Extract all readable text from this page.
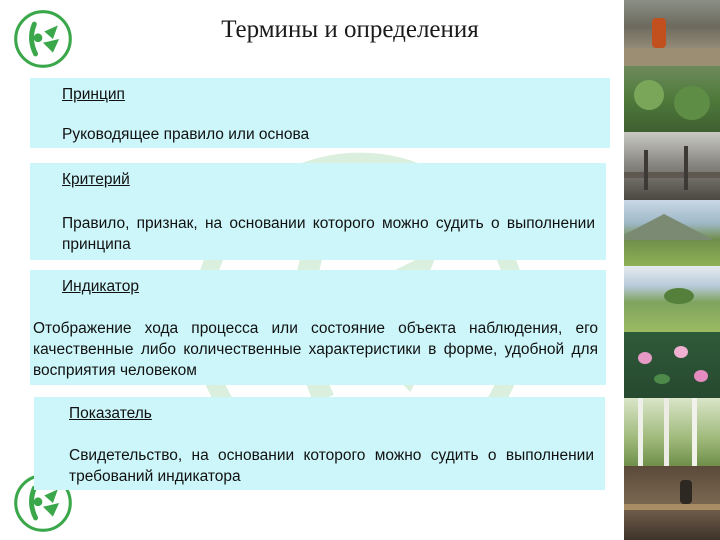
Термины и определения
Принцип
Руководящее правило или основа
Критерий
Правило, признак, на основании которого можно судить о выполнении принципа
Индикатор
Отображение хода процесса или состояние объекта наблюдения, его качественные либо количественные характеристики в форме, удобной для восприятия человеком
Показатель
Свидетельство, на основании которого можно судить о выполнении требований индикатора
